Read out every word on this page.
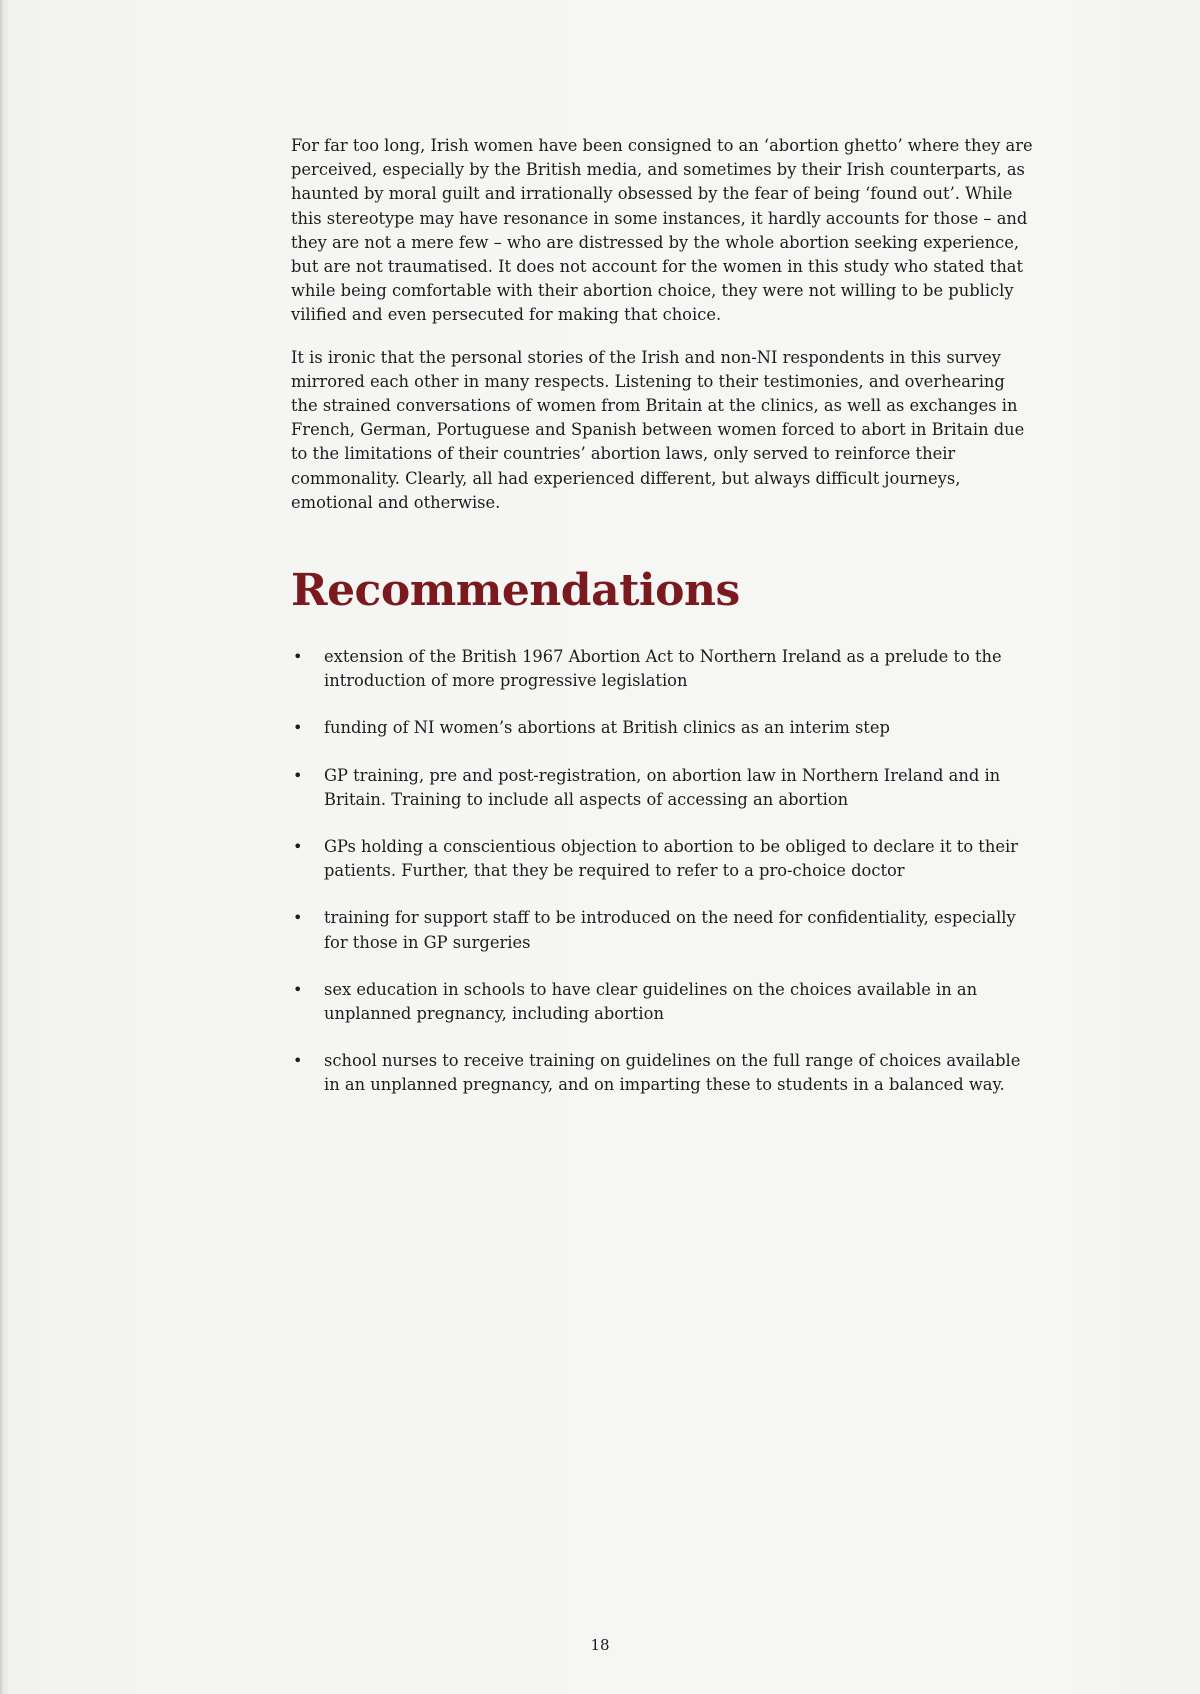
For far too long, Irish women have been consigned to an ‘abortion ghetto’ where they are perceived, especially by the British media, and sometimes by their Irish counterparts, as haunted by moral guilt and irrationally obsessed by the fear of being ‘found out’. While this stereotype may have resonance in some instances, it hardly accounts for those – and they are not a mere few – who are distressed by the whole abortion seeking experience, but are not traumatised. It does not account for the women in this study who stated that while being comfortable with their abortion choice, they were not willing to be publicly vilified and even persecuted for making that choice.

It is ironic that the personal stories of the Irish and non-NI respondents in this survey mirrored each other in many respects. Listening to their testimonies, and overhearing the strained conversations of women from Britain at the clinics, as well as exchanges in French, German, Portuguese and Spanish between women forced to abort in Britain due to the limitations of their countries’ abortion laws, only served to reinforce their commonality. Clearly, all had experienced different, but always difficult journeys, emotional and otherwise.

Recommendations
• extension of the British 1967 Abortion Act to Northern Ireland as a prelude to the introduction of more progressive legislation
• funding of NI women’s abortions at British clinics as an interim step
• GP training, pre and post-registration, on abortion law in Northern Ireland and in Britain. Training to include all aspects of accessing an abortion
• GPs holding a conscientious objection to abortion to be obliged to declare it to their patients. Further, that they be required to refer to a pro-choice doctor
• training for support staff to be introduced on the need for confidentiality, especially for those in GP surgeries
• sex education in schools to have clear guidelines on the choices available in an unplanned pregnancy, including abortion
• school nurses to receive training on guidelines on the full range of choices available in an unplanned pregnancy, and on imparting these to students in a balanced way.
18
